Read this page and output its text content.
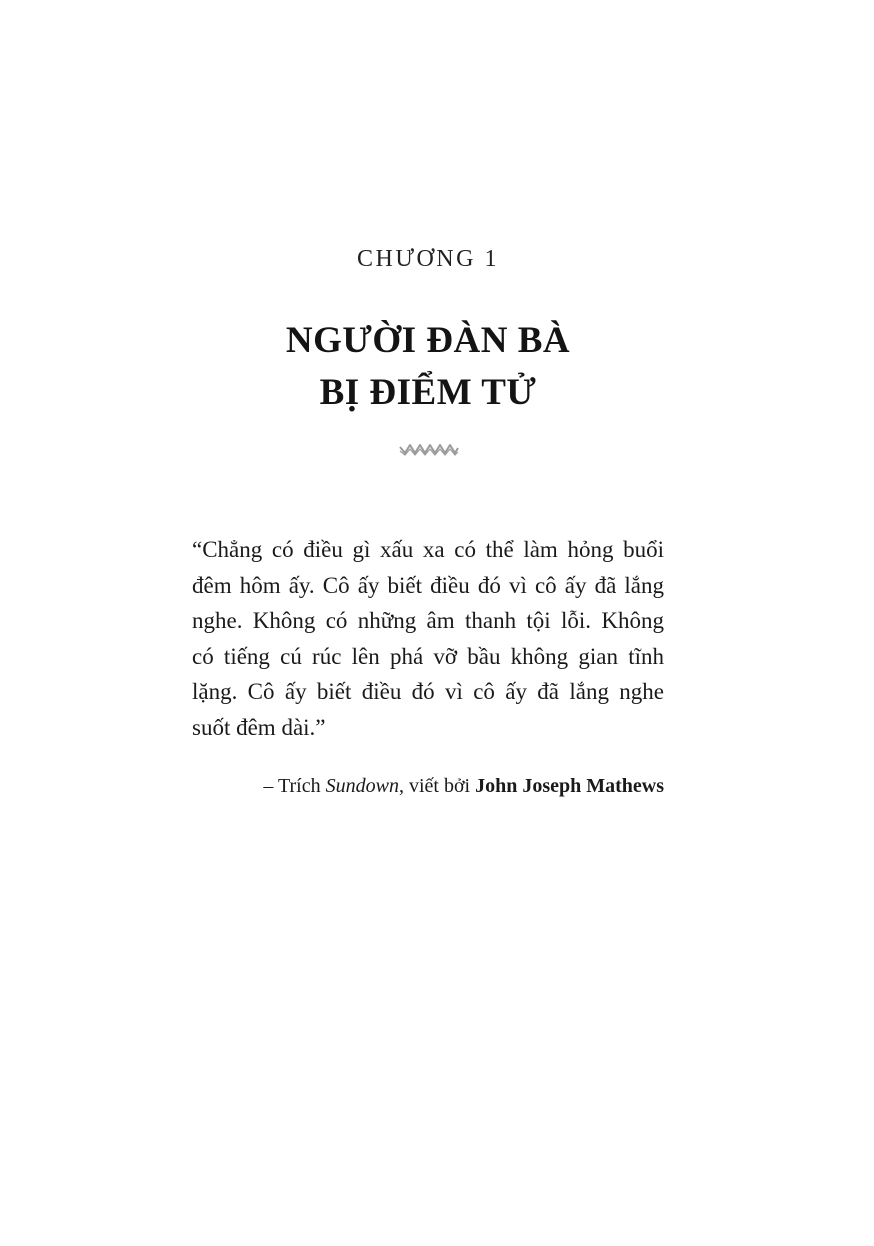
CHƯƠNG 1
NGƯỜI ĐÀN BÀ
BỊ ĐIỂM TỬ
“Chẳng có điều gì xấu xa có thể làm hỏng buổi
đêm hôm ấy. Cô ấy biết điều đó vì cô ấy đã lắng
nghe. Không có những âm thanh tội lỗi. Không
có tiếng cú rúc lên phá vỡ bầu không gian tĩnh
lặng. Cô ấy biết điều đó vì cô ấy đã lắng nghe
suốt đêm dài.”
– Trích Sundown, viết bởi John Joseph Mathews
